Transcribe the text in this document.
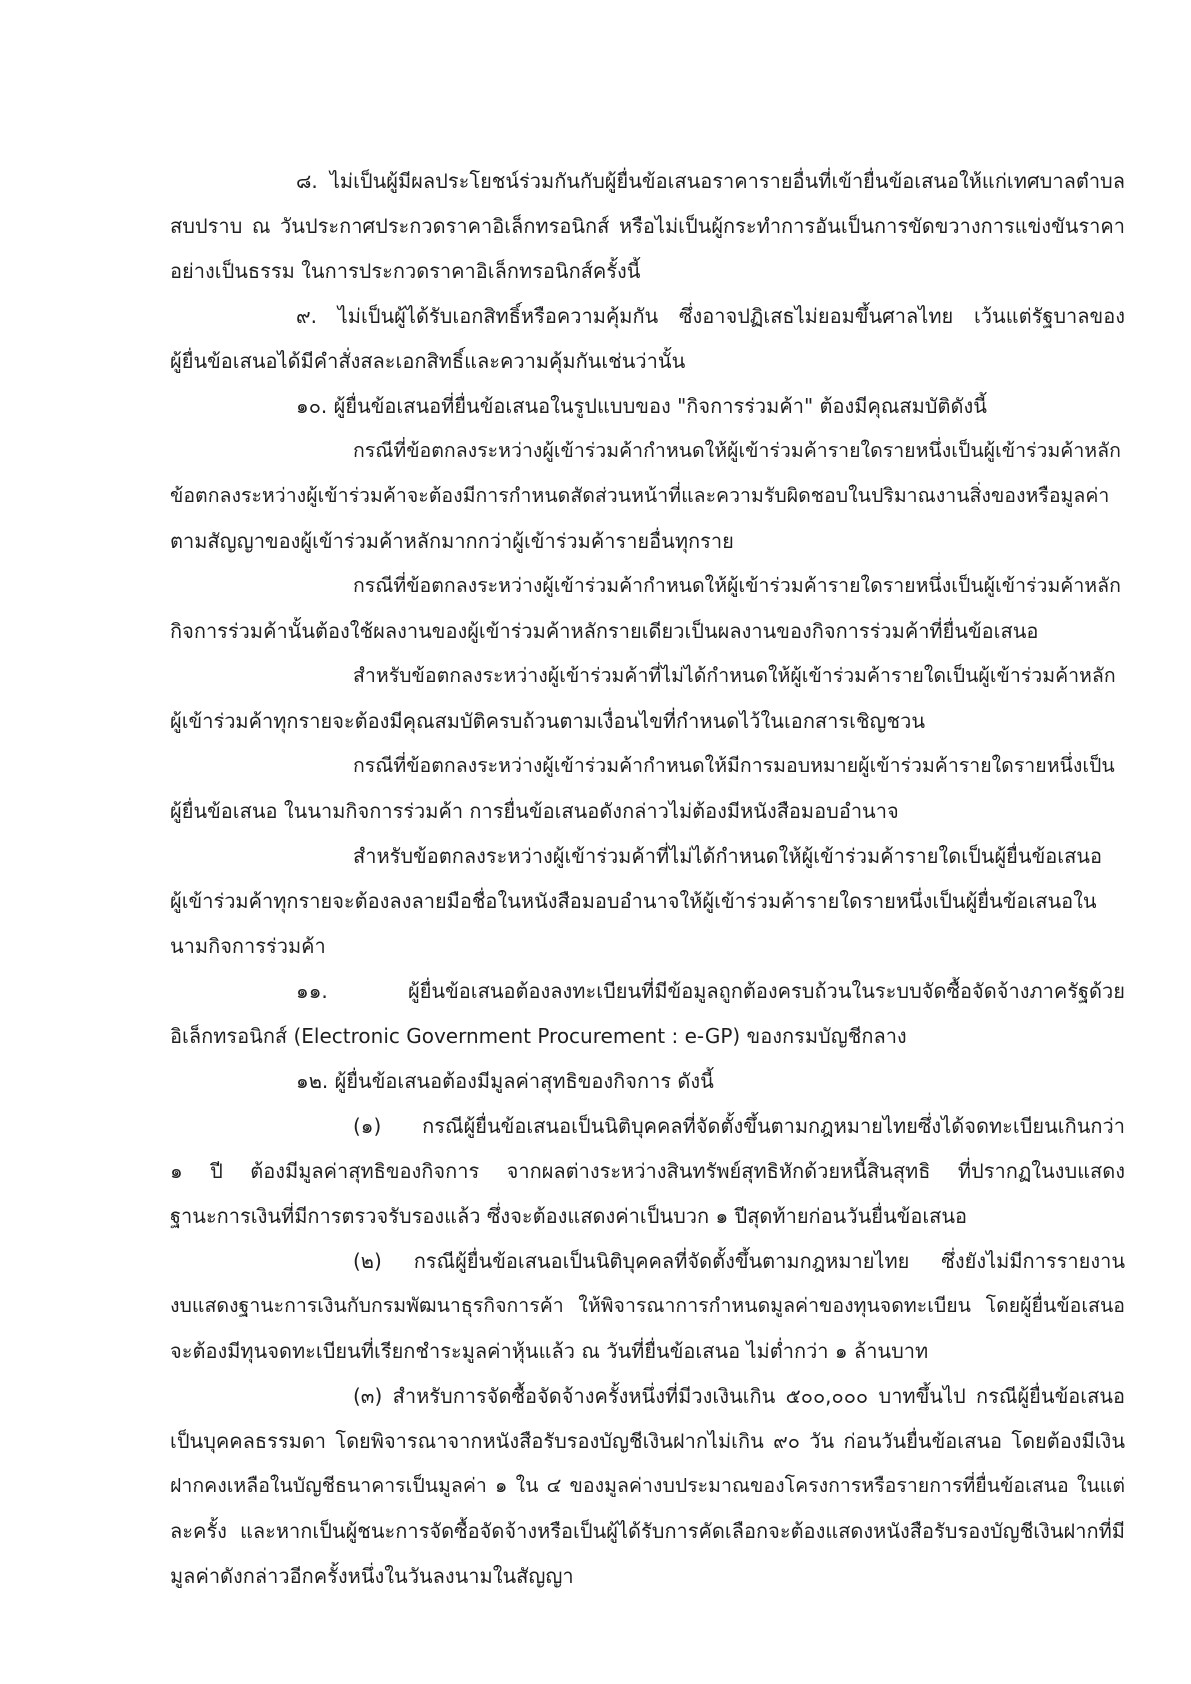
๘. ไม่เป็นผู้มีผลประโยชน์ร่วมกันกับผู้ยื่นข้อเสนอราคารายอื่นที่เข้ายื่นข้อเสนอให้แก่เทศบาลตำบล

สบปราบ ณ วันประกาศประกวดราคาอิเล็กทรอนิกส์ หรือไม่เป็นผู้กระทำการอันเป็นการขัดขวางการแข่งขันราคา

อย่างเป็นธรรม ในการประกวดราคาอิเล็กทรอนิกส์ครั้งนี้

๙. ไม่เป็นผู้ได้รับเอกสิทธิ์หรือความคุ้มกัน ซึ่งอาจปฏิเสธไม่ยอมขึ้นศาลไทย เว้นแต่รัฐบาลของ

ผู้ยื่นข้อเสนอได้มีคำสั่งสละเอกสิทธิ์และความคุ้มกันเช่นว่านั้น

๑๐. ผู้ยื่นข้อเสนอที่ยื่นข้อเสนอในรูปแบบของ "กิจการร่วมค้า" ต้องมีคุณสมบัติดังนี้

กรณีที่ข้อตกลงระหว่างผู้เข้าร่วมค้ากำหนดให้ผู้เข้าร่วมค้ารายใดรายหนึ่งเป็นผู้เข้าร่วมค้าหลัก

ข้อตกลงระหว่างผู้เข้าร่วมค้าจะต้องมีการกำหนดสัดส่วนหน้าที่และความรับผิดชอบในปริมาณงานสิ่งของหรือมูลค่า

ตามสัญญาของผู้เข้าร่วมค้าหลักมากกว่าผู้เข้าร่วมค้ารายอื่นทุกราย

กรณีที่ข้อตกลงระหว่างผู้เข้าร่วมค้ากำหนดให้ผู้เข้าร่วมค้ารายใดรายหนึ่งเป็นผู้เข้าร่วมค้าหลัก

กิจการร่วมค้านั้นต้องใช้ผลงานของผู้เข้าร่วมค้าหลักรายเดียวเป็นผลงานของกิจการร่วมค้าที่ยื่นข้อเสนอ

สำหรับข้อตกลงระหว่างผู้เข้าร่วมค้าที่ไม่ได้กำหนดให้ผู้เข้าร่วมค้ารายใดเป็นผู้เข้าร่วมค้าหลัก

ผู้เข้าร่วมค้าทุกรายจะต้องมีคุณสมบัติครบถ้วนตามเงื่อนไขที่กำหนดไว้ในเอกสารเชิญชวน

กรณีที่ข้อตกลงระหว่างผู้เข้าร่วมค้ากำหนดให้มีการมอบหมายผู้เข้าร่วมค้ารายใดรายหนึ่งเป็น

ผู้ยื่นข้อเสนอ ในนามกิจการร่วมค้า การยื่นข้อเสนอดังกล่าวไม่ต้องมีหนังสือมอบอำนาจ

สำหรับข้อตกลงระหว่างผู้เข้าร่วมค้าที่ไม่ได้กำหนดให้ผู้เข้าร่วมค้ารายใดเป็นผู้ยื่นข้อเสนอ

ผู้เข้าร่วมค้าทุกรายจะต้องลงลายมือชื่อในหนังสือมอบอำนาจให้ผู้เข้าร่วมค้ารายใดรายหนึ่งเป็นผู้ยื่นข้อเสนอใน

นามกิจการร่วมค้า

๑๑. ผู้ยื่นข้อเสนอต้องลงทะเบียนที่มีข้อมูลถูกต้องครบถ้วนในระบบจัดซื้อจัดจ้างภาครัฐด้วย

อิเล็กทรอนิกส์ (Electronic Government Procurement : e-GP) ของกรมบัญชีกลาง

๑๒. ผู้ยื่นข้อเสนอต้องมีมูลค่าสุทธิของกิจการ ดังนี้

(๑) กรณีผู้ยื่นข้อเสนอเป็นนิติบุคคลที่จัดตั้งขึ้นตามกฎหมายไทยซึ่งได้จดทะเบียนเกินกว่า

๑ ปี ต้องมีมูลค่าสุทธิของกิจการ จากผลต่างระหว่างสินทรัพย์สุทธิหักด้วยหนี้สินสุทธิ ที่ปรากฏในงบแสดง

ฐานะการเงินที่มีการตรวจรับรองแล้ว ซึ่งจะต้องแสดงค่าเป็นบวก ๑ ปีสุดท้ายก่อนวันยื่นข้อเสนอ

(๒) กรณีผู้ยื่นข้อเสนอเป็นนิติบุคคลที่จัดตั้งขึ้นตามกฎหมายไทย ซึ่งยังไม่มีการรายงาน

งบแสดงฐานะการเงินกับกรมพัฒนาธุรกิจการค้า ให้พิจารณาการกำหนดมูลค่าของทุนจดทะเบียน โดยผู้ยื่นข้อเสนอ

จะต้องมีทุนจดทะเบียนที่เรียกชำระมูลค่าหุ้นแล้ว ณ วันที่ยื่นข้อเสนอ ไม่ต่ำกว่า ๑ ล้านบาท

(๓) สำหรับการจัดซื้อจัดจ้างครั้งหนึ่งที่มีวงเงินเกิน ๕๐๐,๐๐๐ บาทขึ้นไป กรณีผู้ยื่นข้อเสนอ

เป็นบุคคลธรรมดา โดยพิจารณาจากหนังสือรับรองบัญชีเงินฝากไม่เกิน ๙๐ วัน ก่อนวันยื่นข้อเสนอ โดยต้องมีเงิน

ฝากคงเหลือในบัญชีธนาคารเป็นมูลค่า ๑ ใน ๔ ของมูลค่างบประมาณของโครงการหรือรายการที่ยื่นข้อเสนอ ในแต่

ละครั้ง และหากเป็นผู้ชนะการจัดซื้อจัดจ้างหรือเป็นผู้ได้รับการคัดเลือกจะต้องแสดงหนังสือรับรองบัญชีเงินฝากที่มี

มูลค่าดังกล่าวอีกครั้งหนึ่งในวันลงนามในสัญญา
